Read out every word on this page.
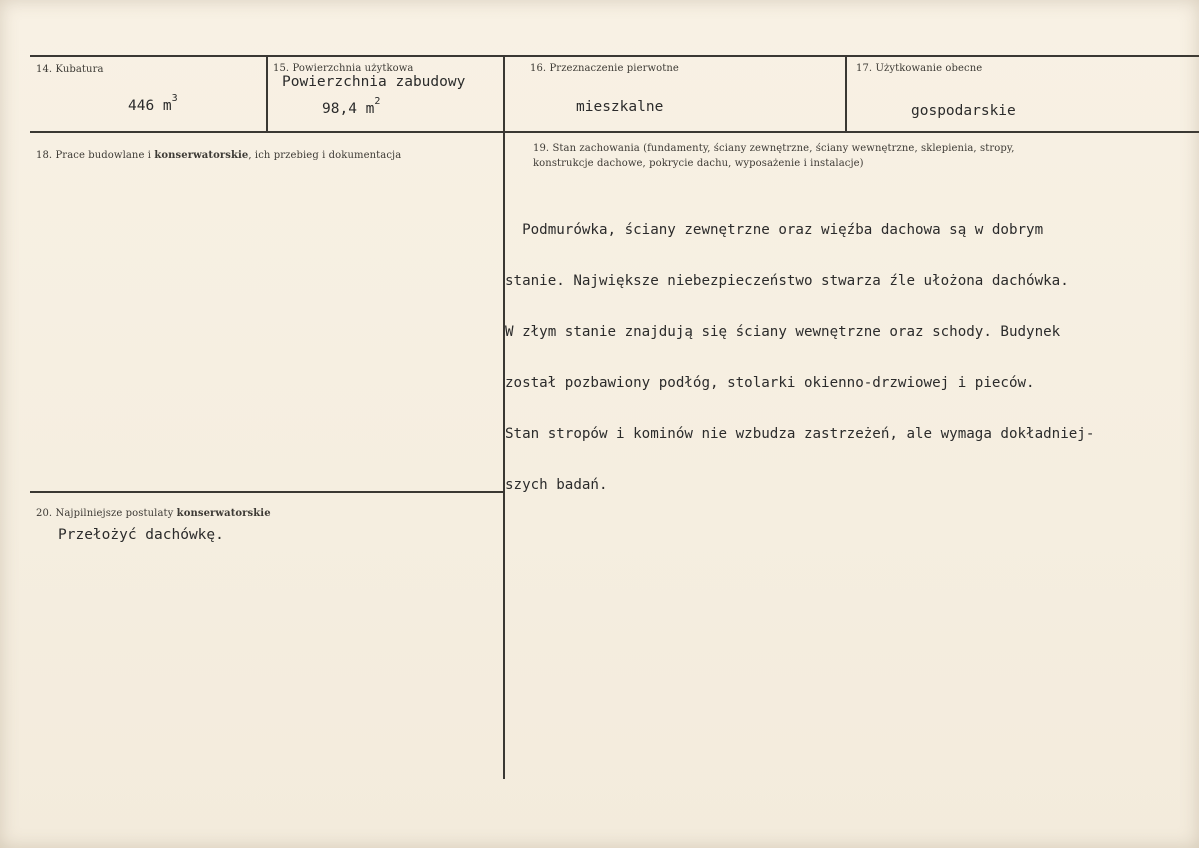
14. Kubatura
446 $m^3$
15. Powierzchnia użytkowa
Powierzchnia zabudowy
98,4 $m^2$
16. Przeznaczenie pierwotne
mieszkalne
17. Użytkowanie obecne
gospodarskie
18. Prace budowlane i konserwatorskie, ich przebieg i dokumentacja
19. Stan zachowania (fundamenty, ściany zewnętrzne, ściany wewnętrzne, sklepienia, stropy,
konstrukcje dachowe, pokrycie dachu, wyposażenie i instalacje)

Podmurówka, ściany zewnętrzne oraz więźba dachowa są w dobrym

stanie. Największe niebezpieczeństwo stwarza źle ułożona dachówka.

W złym stanie znajdują się ściany wewnętrzne oraz schody. Budynek

został pozbawiony podłóg, stolarki okienno-drzwiowej i pieców.

Stan stropów i kominów nie wzbudza zastrzeżeń, ale wymaga dokładniej-

szych badań.

20. Najpilniejsze postulaty konserwatorskie
Przełożyć dachówkę.
